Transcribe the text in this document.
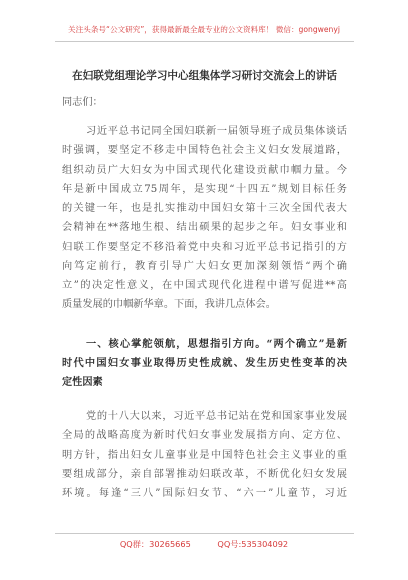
关注头条号“公文研究”，获得最新最全最专业的公文资料库！ 微信：gongwenyj
在妇联党组理论学习中心组集体学习研讨交流会上的讲话
同志们：
习近平总书记同全国妇联新一届领导班子成员集体谈话
时强调，要坚定不移走中国特色社会主义妇女发展道路，
组织动员广大妇女为中国式现代化建设贡献巾帼力量。今
年是新中国成立75周年，是实现“十四五”规划目标任务
的关键一年，也是扎实推动中国妇女第十三次全国代表大
会精神在**落地生根、结出硕果的起步之年。妇女事业和
妇联工作要坚定不移沿着党中央和习近平总书记指引的方
向笃定前行，教育引导广大妇女更加深刻领悟“两个确
立”的决定性意义，在中国式现代化进程中谱写促进**高
质量发展的巾帼新华章。下面，我讲几点体会。
一、核心掌舵领航，思想指引方向。“两个确立”是新
时代中国妇女事业取得历史性成就、发生历史性变革的决
定性因素
党的十八大以来，习近平总书记站在党和国家事业发展
全局的战略高度为新时代妇女事业发展指方向、定方位、
明方针，指出妇女儿童事业是中国特色社会主义事业的重
要组成部分，亲自部署推动妇联改革，不断优化妇女发展
环境。每逢“三八”国际妇女节、“六一”儿童节，习近
QQ群：30265665	QQ号:535304092
